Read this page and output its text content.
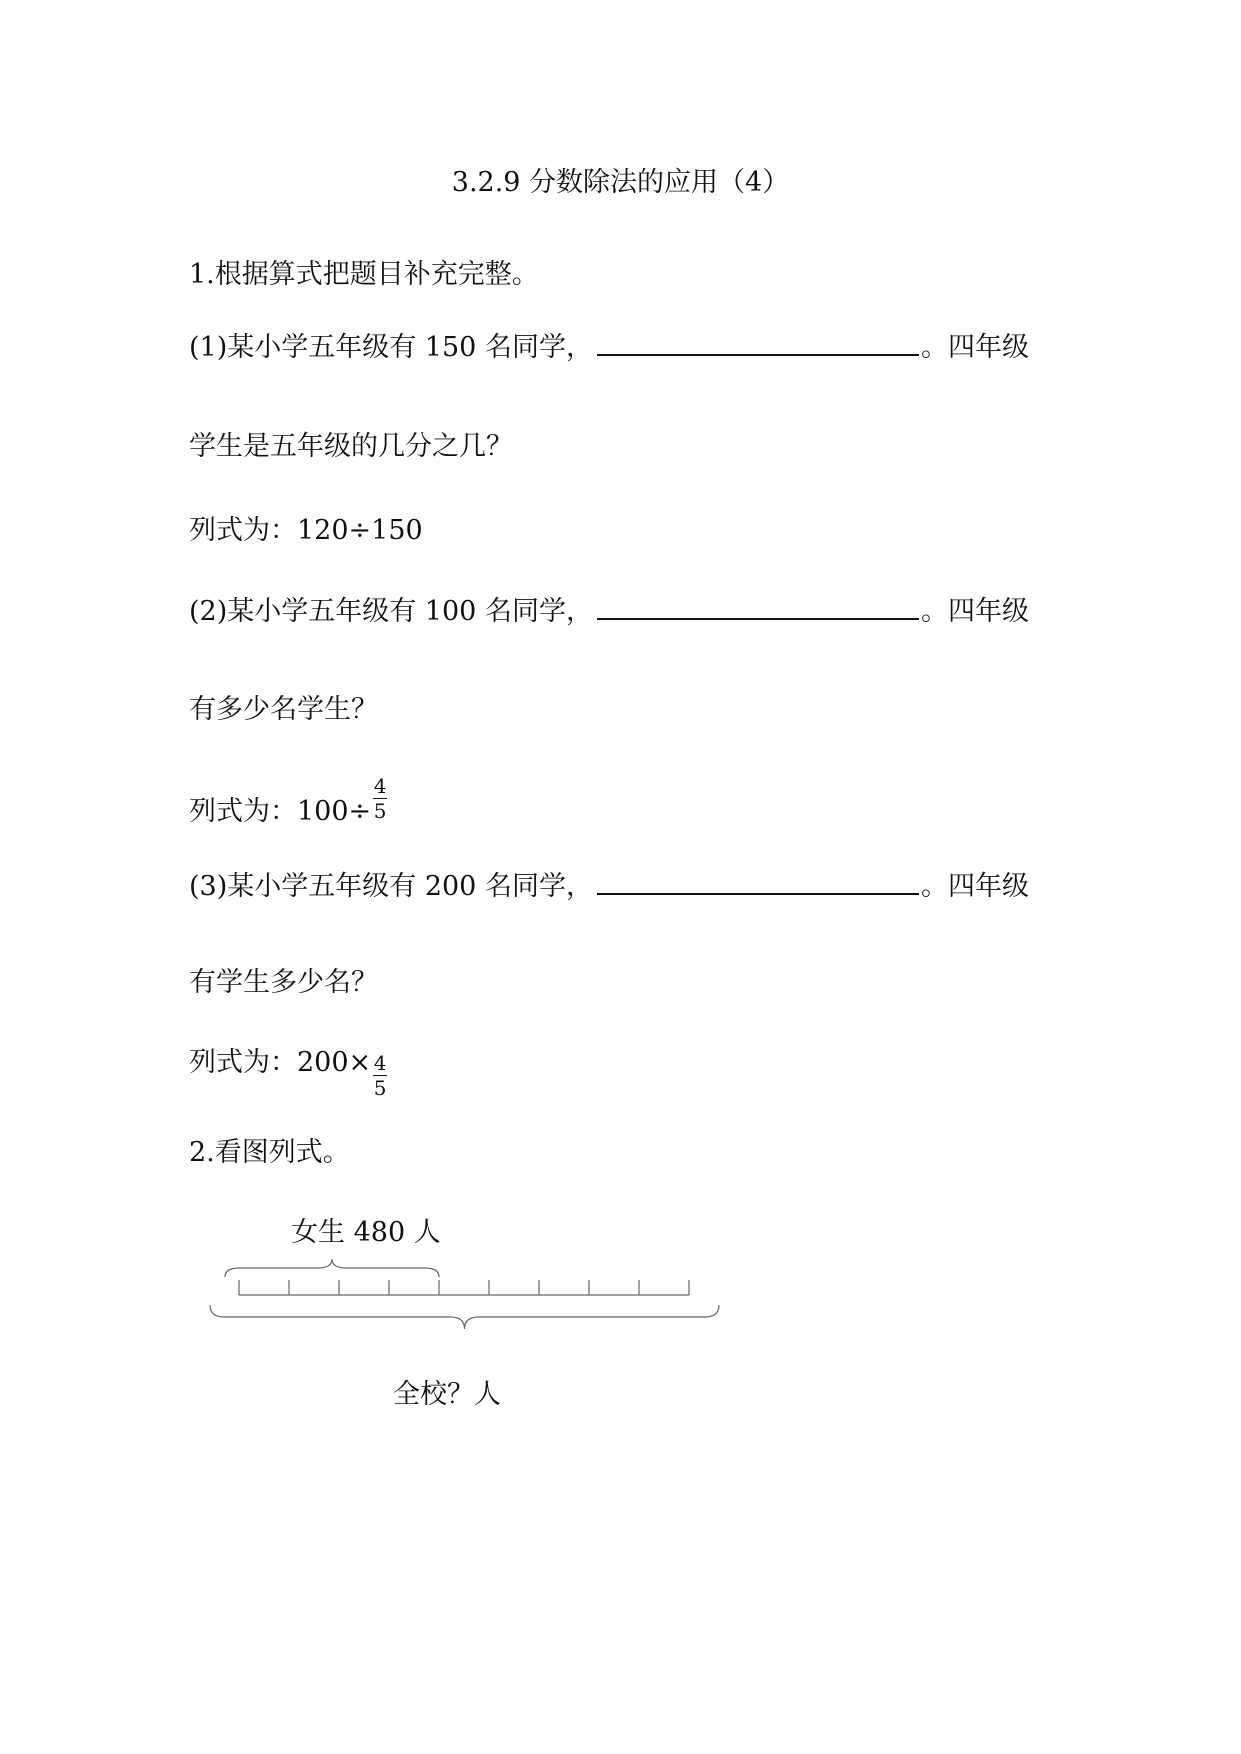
3.2.9 分数除法的应用（4）
1.根据算式把题目补充完整。
(1)某小学五年级有 150 名同学，	。四年级
学生是五年级的几分之几？
列式为：120÷150
(2)某小学五年级有 100 名同学，	。四年级
有多少名学生？
列式为：$100\div \frac{4}{5}$
(3)某小学五年级有 200 名同学，	。四年级
有学生多少名？
列式为：$200\times \frac{4}{5}$
2.看图列式。
女生 480 人
全校？人
